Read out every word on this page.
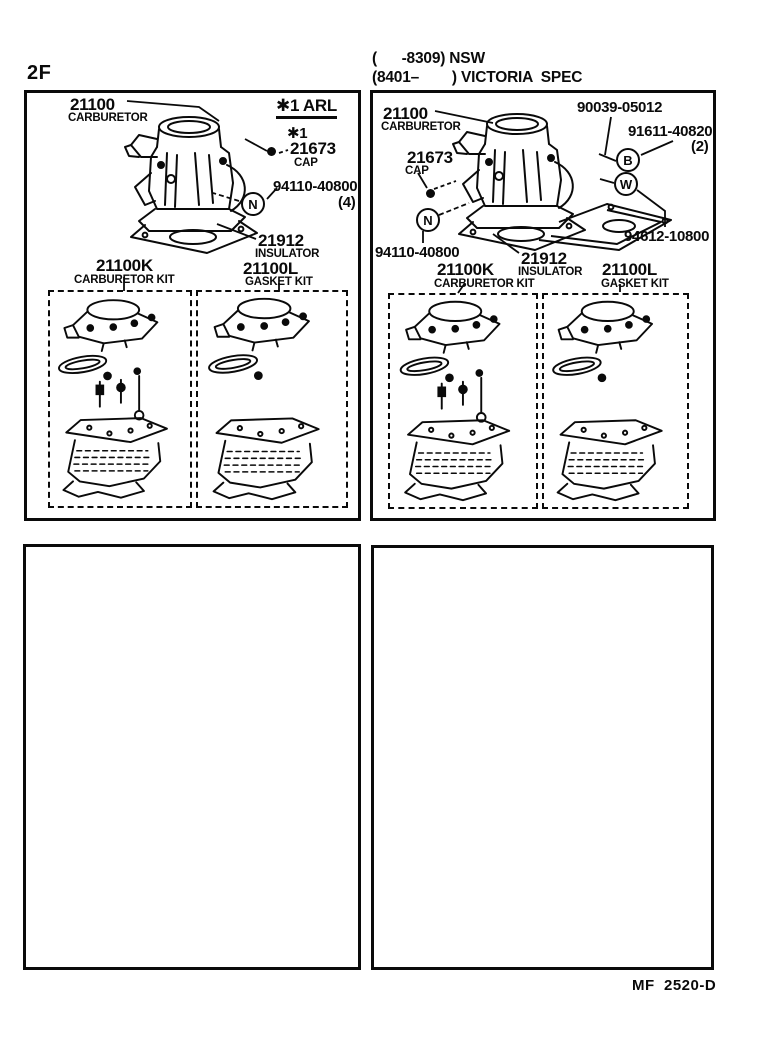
2F
(      -8309) NSW
(8401–        ) VICTORIA  SPEC
21100
CARBURETOR
✱1 ARL
✱1
21673
CAP
94110-40800
(4)
N
21912
INSULATOR
21100K
CARBURETOR KIT
21100L
GASKET KIT
21100
CARBURETOR
90039-05012
91611-40820
(2)
B
W
21673
CAP
N
94110-40800
94612-10800
21912
INSULATOR
21100K
CARBURETOR KIT
21100L
GASKET KIT
MF  2520-D
